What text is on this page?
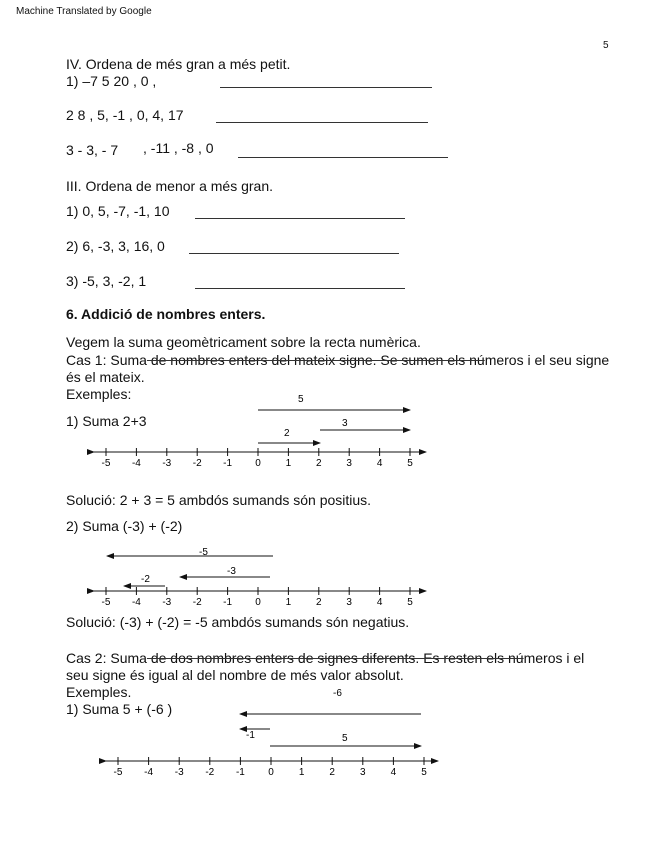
Machine Translated by Google
5
IV. Ordena de més gran a més petit.
1) –7 5 20 , 0 ,
2 8 , 5, -1 , 0, 4, 17
3 - 3, - 7 , -11 , -8 , 0
III. Ordena de menor a més gran.
1) 0, 5, -7, -1, 10
2) 6, -3, 3, 16, 0
3) -5, 3, -2, 1
6. Addició de nombres enters.
Vegem la suma geomètricament sobre la recta numèrica.
Cas 1: Suma de nombres enters del mateix signe. Se sumen els números i el seu signe
és el mateix.
Exemples:
1) Suma 2+3
Solució: 2 + 3 = 5 ambdós sumands són positius.
2) Suma (-3) + (-2)
Solució: (-3) + (-2) = -5 ambdós sumands són negatius.
Cas 2: Suma de dos nombres enters de signes diferents. Es resten els números i el
seu signe és igual al del nombre de més valor absolut.
Exemples.
1) Suma 5 + (-6 )
-5 -4 -3 -2 -1 0 1 2 3 4 5
5
3
2
-5 -4 -3 -2 -1 0 1 2 3 4 5
-5
-3
-2
-5 -4 -3 -2 -1 0	1	2	3	4	5
-6
-1	5
